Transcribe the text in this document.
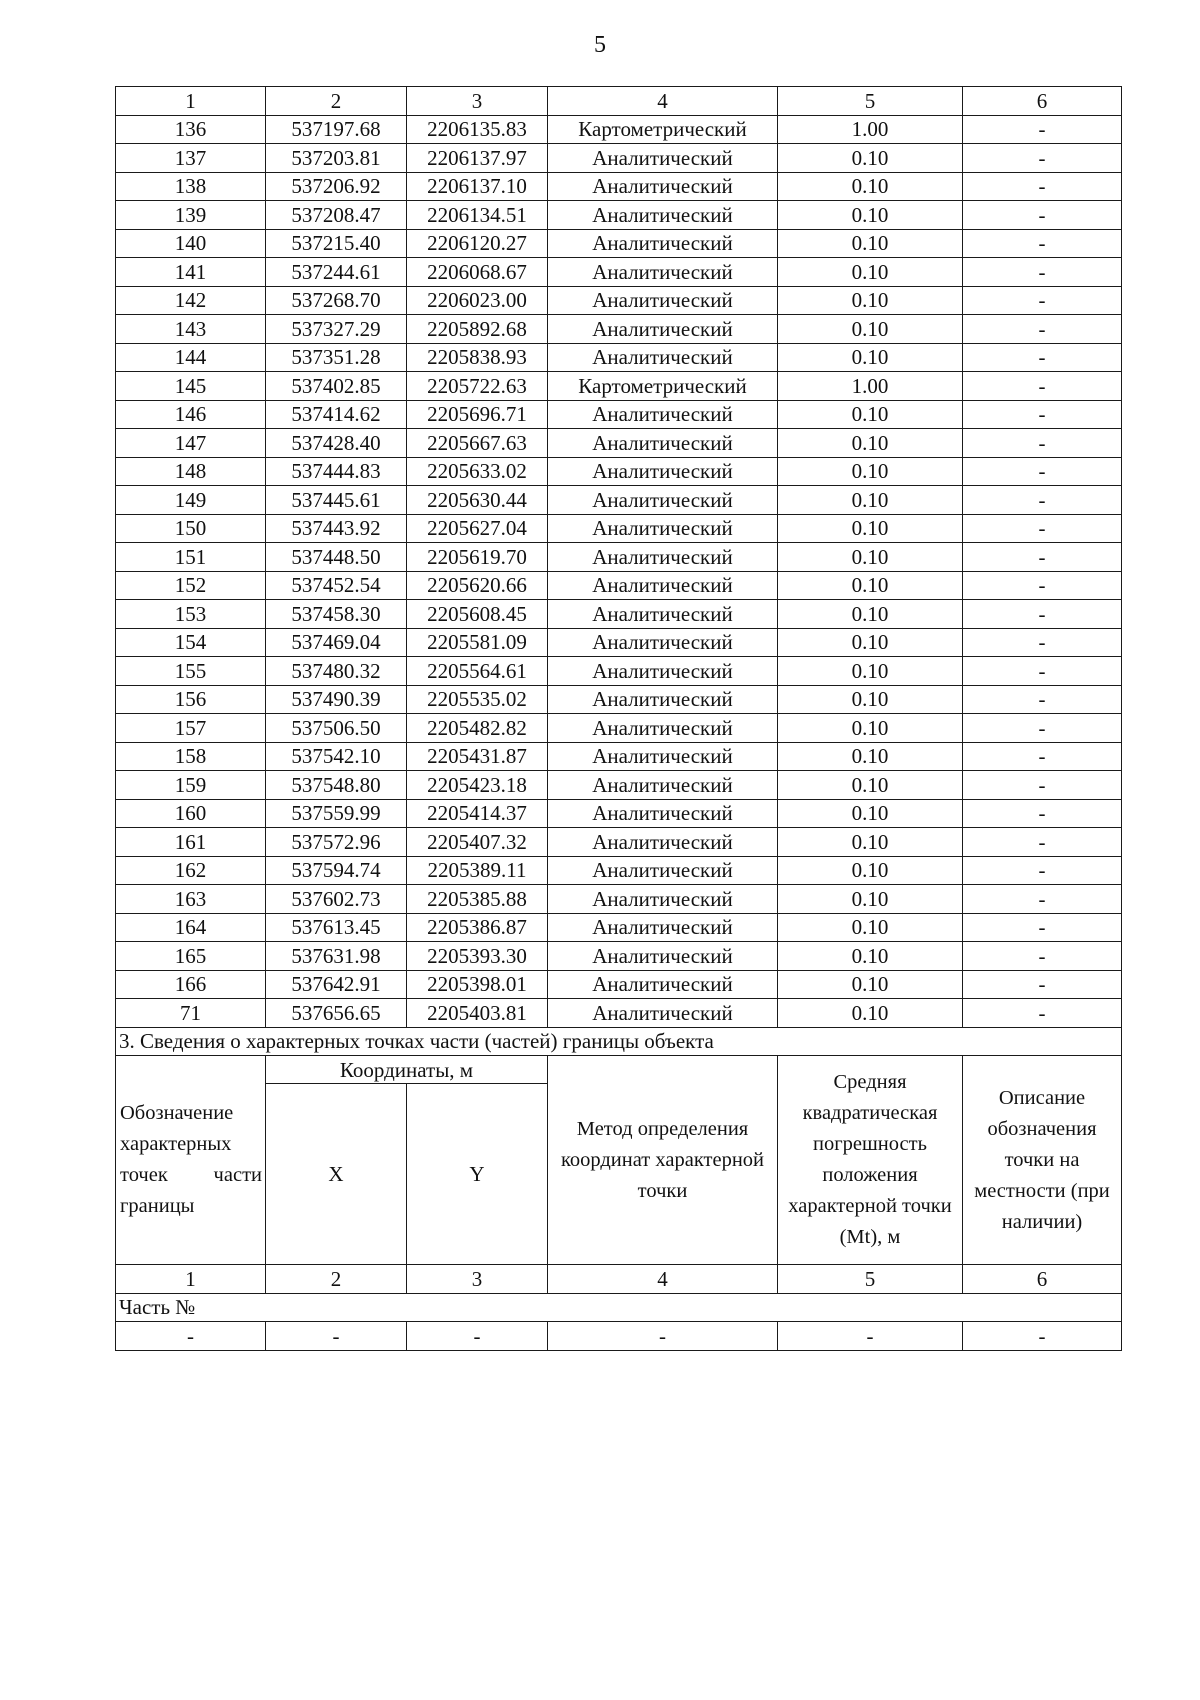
5
1	2	3	4	5	6
136	537197.68	2206135.83	Картометрический	1.00	-
137	537203.81	2206137.97	Аналитический	0.10	-
138	537206.92	2206137.10	Аналитический	0.10	-
139	537208.47	2206134.51	Аналитический	0.10	-
140	537215.40	2206120.27	Аналитический	0.10	-
141	537244.61	2206068.67	Аналитический	0.10	-
142	537268.70	2206023.00	Аналитический	0.10	-
143	537327.29	2205892.68	Аналитический	0.10	-
144	537351.28	2205838.93	Аналитический	0.10	-
145	537402.85	2205722.63	Картометрический	1.00	-
146	537414.62	2205696.71	Аналитический	0.10	-
147	537428.40	2205667.63	Аналитический	0.10	-
148	537444.83	2205633.02	Аналитический	0.10	-
149	537445.61	2205630.44	Аналитический	0.10	-
150	537443.92	2205627.04	Аналитический	0.10	-
151	537448.50	2205619.70	Аналитический	0.10	-
152	537452.54	2205620.66	Аналитический	0.10	-
153	537458.30	2205608.45	Аналитический	0.10	-
154	537469.04	2205581.09	Аналитический	0.10	-
155	537480.32	2205564.61	Аналитический	0.10	-
156	537490.39	2205535.02	Аналитический	0.10	-
157	537506.50	2205482.82	Аналитический	0.10	-
158	537542.10	2205431.87	Аналитический	0.10	-
159	537548.80	2205423.18	Аналитический	0.10	-
160	537559.99	2205414.37	Аналитический	0.10	-
161	537572.96	2205407.32	Аналитический	0.10	-
162	537594.74	2205389.11	Аналитический	0.10	-
163	537602.73	2205385.88	Аналитический	0.10	-
164	537613.45	2205386.87	Аналитический	0.10	-
165	537631.98	2205393.30	Аналитический	0.10	-
166	537642.91	2205398.01	Аналитический	0.10	-
71	537656.65	2205403.81	Аналитический	0.10	-
3. Сведения о характерных точках части (частей) границы объекта					
Обозначение характерных точек части границы	Координаты, м		Метод определения координат характерной точки	Средняя квадратическая погрешность положения характерной точки (Mt), м	Описание обозначения точки на местности (при наличии)
	X	Y			
1	2	3	4	5	6
Часть №					
-	-	-	-	-	-
